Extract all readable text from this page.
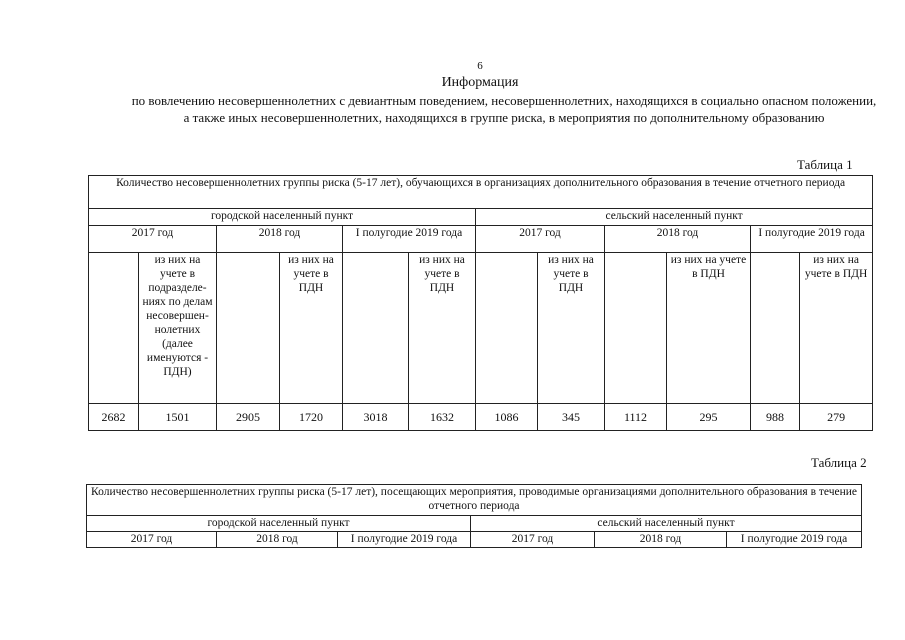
6
Информация
по вовлечению несовершеннолетних с девиантным поведением, несовершеннолетних, находящихся в социально опасном положении, а также иных несовершеннолетних, находящихся в группе риска, в мероприятия по дополнительному образованию
Таблица 1
Количество несовершеннолетних группы риска (5-17 лет), обучающихся в организациях дополнительного образования в течение отчетного периода											
городской населенный пункт						сельский населенный пункт					
2017 год		2018 год		I полугодие 2019 года		2017 год		2018 год		I полугодие 2019 года	
	из них на учете в подразделе-ниях по делам несовершен-нолетних (далее именуются - ПДН)		из них на учете в ПДН		из них на учете в ПДН		из них на учете в ПДН		из них на учете в ПДН		из них на учете в ПДН
2682	1501	2905	1720	3018	1632	1086	345	1112	295	988	279
Таблица 2
Количество несовершеннолетних группы риска (5-17 лет), посещающих мероприятия, проводимые организациями дополнительного образования в течение отчетного периода					
городской населенный пункт			сельский населенный пункт		
2017 год	2018 год	I полугодие 2019 года	2017 год	2018 год	I полугодие 2019 года
